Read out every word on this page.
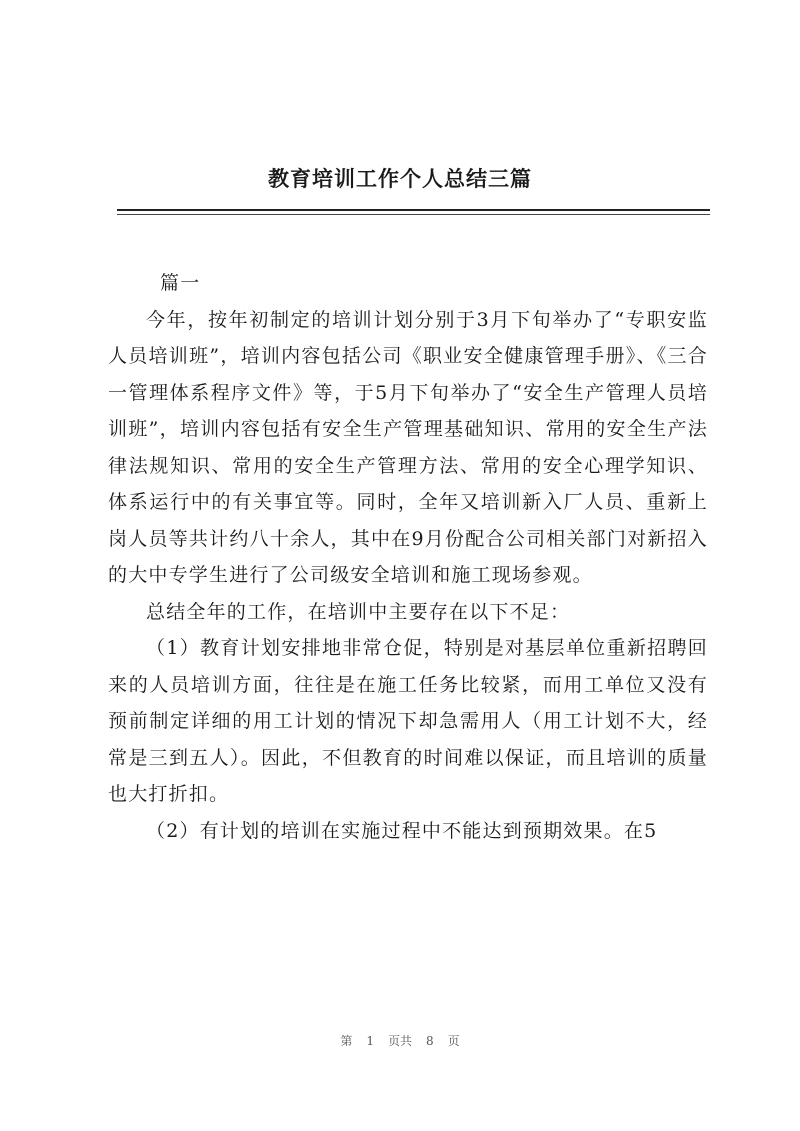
教育培训工作个人总结三篇

篇一

今年，按年初制定的培训计划分别于3月下旬举办了“专职安监人员培训班”，培训内容包括公司《职业安全健康管理手册》、《三合一管理体系程序文件》等，于5月下旬举办了“安全生产管理人员培训班”，培训内容包括有安全生产管理基础知识、常用的安全生产法律法规知识、常用的安全生产管理方法、常用的安全心理学知识、体系运行中的有关事宜等。同时，全年又培训新入厂人员、重新上岗人员等共计约八十余人，其中在9月份配合公司相关部门对新招入的大中专学生进行了公司级安全培训和施工现场参观。

总结全年的工作，在培训中主要存在以下不足：

（1）教育计划安排地非常仓促，特别是对基层单位重新招聘回来的人员培训方面，往往是在施工任务比较紧，而用工单位又没有预前制定详细的用工计划的情况下却急需用人（用工计划不大，经常是三到五人）。因此，不但教育的时间难以保证，而且培训的质量也大打折扣。

（2）有计划的培训在实施过程中不能达到预期效果。在5

第 1 页共 8 页
